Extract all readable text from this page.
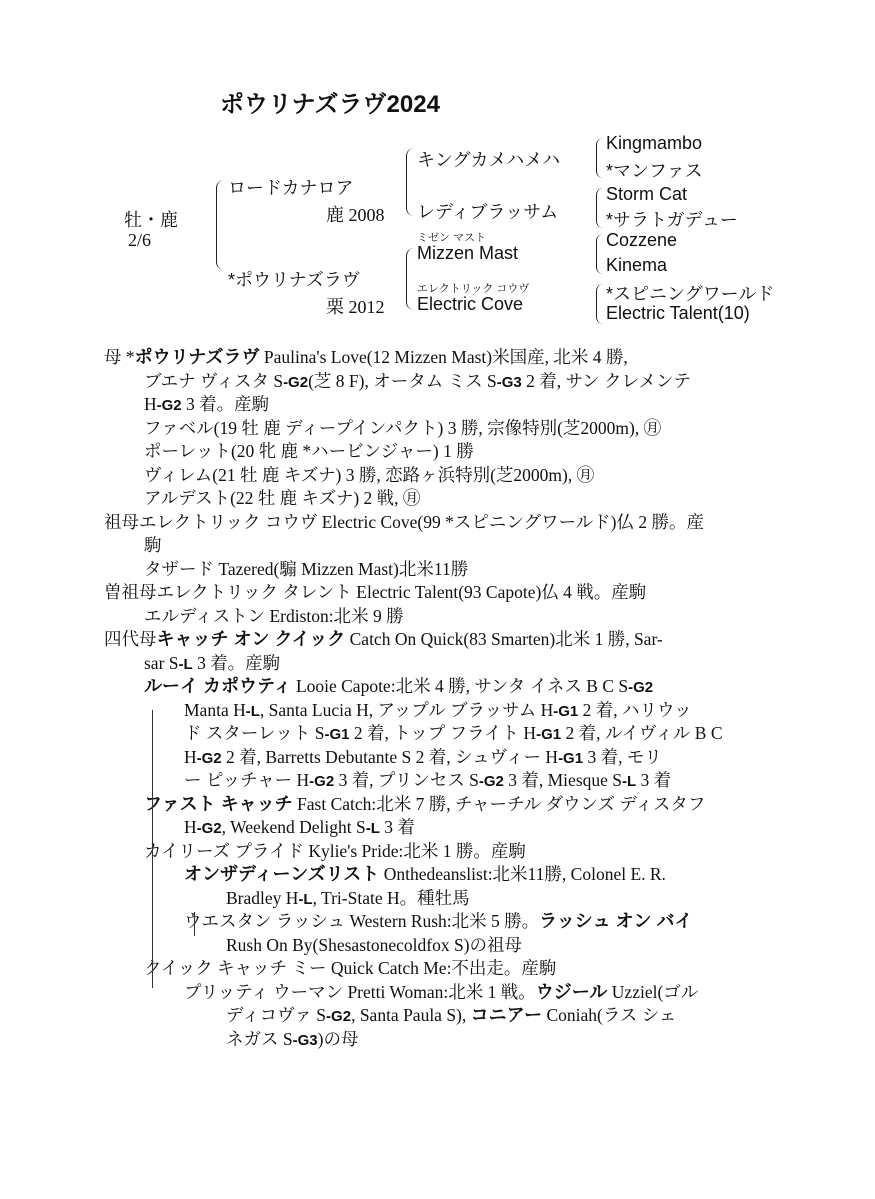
ポウリナズラヴ2024
牡・鹿
2/6
ロードカナロア
鹿 2008
*ポウリナズラヴ
栗 2012
キングカメハメハ
レディブラッサム
ミゼン マスト
Mizzen Mast
エレクトリック コウヴ
Electric Cove
Kingmambo
*マンファス
Storm Cat
*サラトガデュー
Cozzene
Kinema
*スピニングワールド
Electric Talent(10)
母 *ポウリナズラヴ Paulina's Love(12 Mizzen Mast)米国産, 北米 4 勝,
ブエナ ヴィスタ S-G2(芝 8 F), オータム ミス S-G3 2 着, サン クレメンテ
H-G2 3 着。産駒
ファベル(19 牡 鹿 ディープインパクト) 3 勝, 宗像特別(芝2000m), ㊊
ポーレット(20 牝 鹿 *ハービンジャー) 1 勝
ヴィレム(21 牡 鹿 キズナ) 3 勝, 恋路ヶ浜特別(芝2000m), ㊊
アルデスト(22 牡 鹿 キズナ) 2 戦, ㊊
祖母エレクトリック コウヴ Electric Cove(99 *スピニングワールド)仏 2 勝。産
駒
タザード Tazered(騸 Mizzen Mast)北米11勝
曽祖母エレクトリック タレント Electric Talent(93 Capote)仏 4 戦。産駒
エルディストン Erdiston:北米 9 勝
四代母キャッチ オン クイック Catch On Quick(83 Smarten)北米 1 勝, Sar-
sar S-L 3 着。産駒
ルーイ カポウティ Looie Capote:北米 4 勝, サンタ イネス B C S-G2
Manta H-L, Santa Lucia H, アップル ブラッサム H-G1 2 着, ハリウッ
ド スターレット S-G1 2 着, トップ フライト H-G1 2 着, ルイヴィル B C
H-G2 2 着, Barretts Debutante S 2 着, シュヴィー H-G1 3 着, モリ
ー ピッチャー H-G2 3 着, プリンセス S-G2 3 着, Miesque S-L 3 着
ファスト キャッチ Fast Catch:北米 7 勝, チャーチル ダウンズ ディスタフ
H-G2, Weekend Delight S-L 3 着
カイリーズ プライド Kylie's Pride:北米 1 勝。産駒
オンザディーンズリスト Onthedeanslist:北米11勝, Colonel E. R.
Bradley H-L, Tri-State H。種牡馬
ウエスタン ラッシュ Western Rush:北米 5 勝。ラッシュ オン バイ
Rush On By(Shesastonecoldfox S)の祖母
クイック キャッチ ミー Quick Catch Me:不出走。産駒
プリッティ ウーマン Pretti Woman:北米 1 戦。ウジール Uzziel(ゴル
ディコヴァ S-G2, Santa Paula S), コニアー Coniah(ラス シェ
ネガス S-G3)の母
